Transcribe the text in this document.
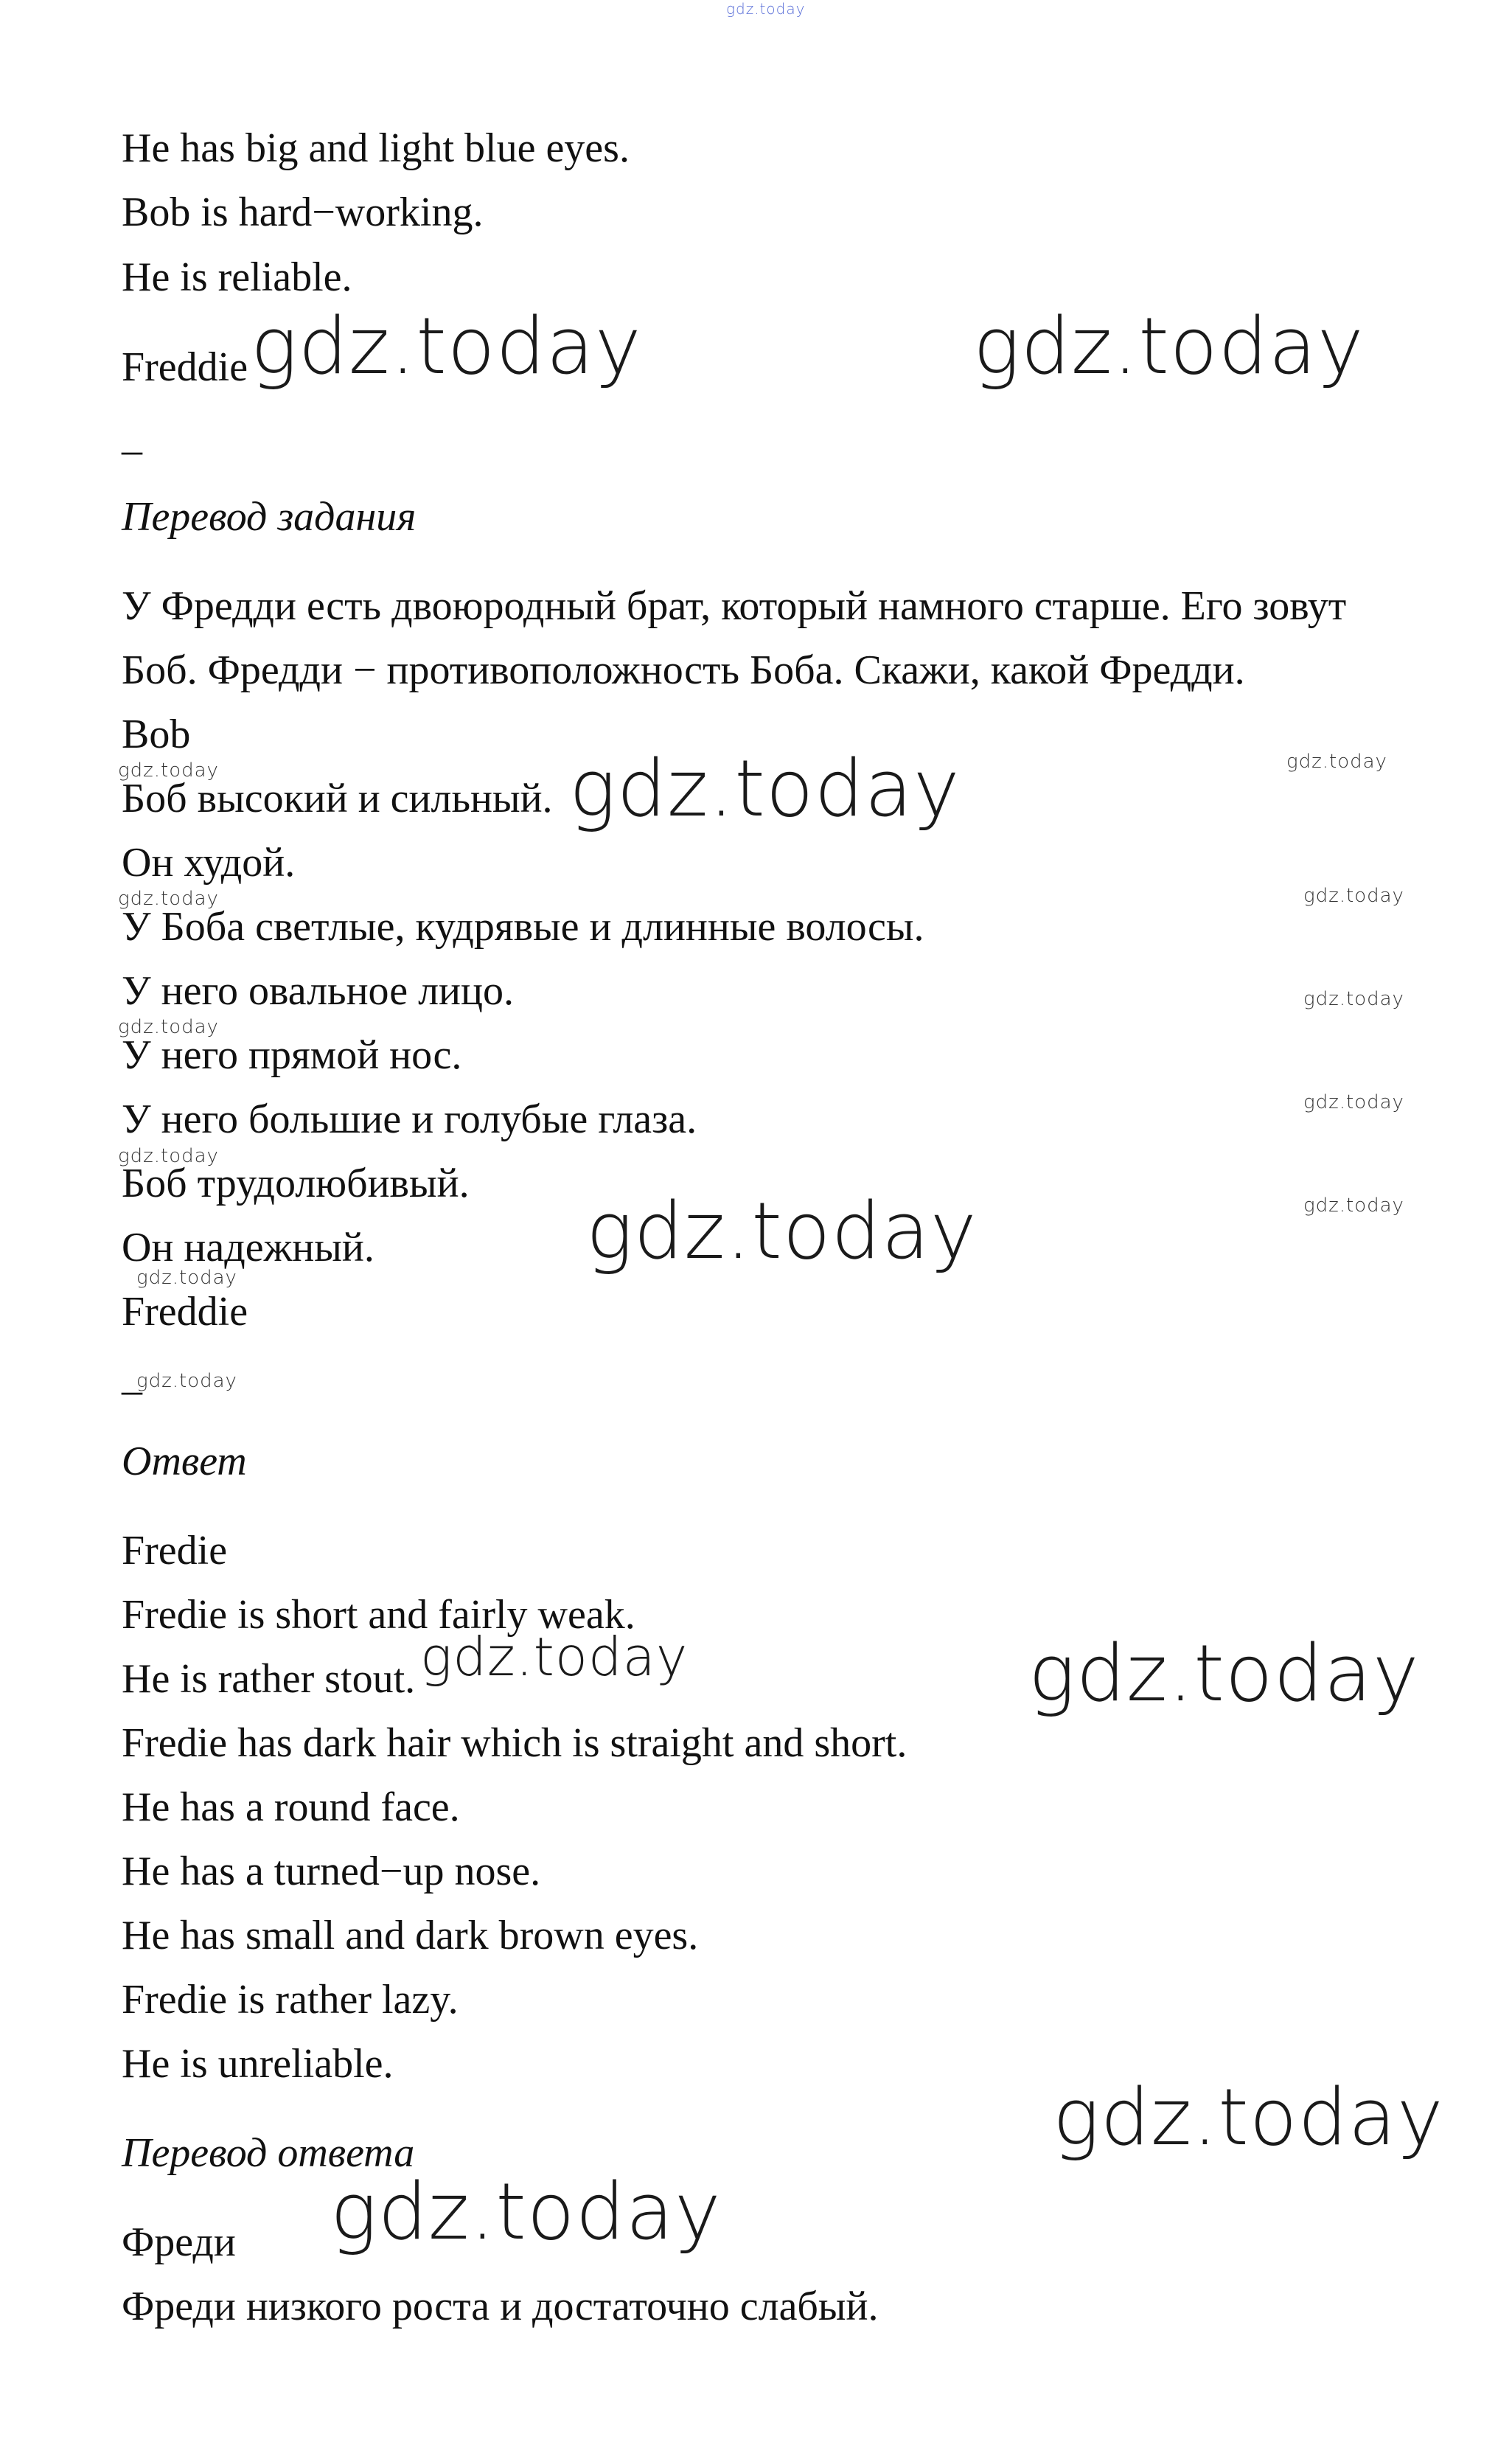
gdz.today

He has big and light blue eyes.

Bob is hard−working.

He is reliable.

Freddie

–
gdz.today	gdz.today

Перевод задания

У Фредди есть двоюродный брат, который намного старше. Его зовут

Боб. Фредди − противоположность Боба. Скажи, какой Фредди.

Bob

Боб высокий и сильный.

Он худой.

У Боба светлые, кудрявые и длинные волосы.

У него овальное лицо.

У него прямой нос.

У него большие и голубые глаза.

Боб трудолюбивый.

Он надежный.

Freddie

–
gdz.today
gdz.today
gdz.today
gdz.today
gdz.today
gdz.today
gdz.today
gdz.today
gdz.today
gdz.today
gdz.today
gdz.today
gdz.today

Ответ

Fredie

Fredie is short and fairly weak.

He is rather stout.

Fredie has dark hair which is straight and short.

He has a round face.

He has a turned−up nose.

He has small and dark brown eyes.

Fredie is rather lazy.

He is unreliable.

gdz.today	gdz.today
gdz.today

Перевод ответа

Фреди

Фреди низкого роста и достаточно слабый.

gdz.today
